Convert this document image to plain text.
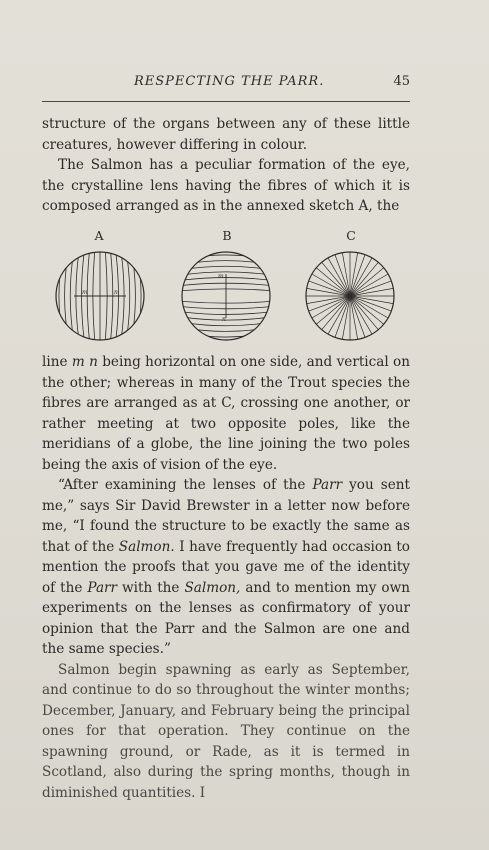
RESPECTING THE PARR.	45

structure of the organs between any of these little creatures, however differing in colour.

The Salmon has a peculiar formation of the eye, the crystalline lens having the fibres of which it is composed arranged as in the annexed sketch A, the

A
m	n
B
m
n
C

line m n being horizontal on one side, and vertical on the other; whereas in many of the Trout species the fibres are arranged as at C, crossing one another, or rather meeting at two opposite poles, like the meridians of a globe, the line joining the two poles being the axis of vision of the eye.

“After examining the lenses of the Parr you sent me,” says Sir David Brewster in a letter now before me, “I found the structure to be exactly the same as that of the Salmon. I have frequently had occasion to mention the proofs that you gave me of the identity of the Parr with the Salmon, and to mention my own experiments on the lenses as confirmatory of your opinion that the Parr and the Salmon are one and the same species.”

Salmon begin spawning as early as September, and continue to do so throughout the winter months; December, January, and February being the principal ones for that operation. They continue on the spawning ground, or Rade, as it is termed in Scotland, also during the spring months, though in diminished quantities. I
